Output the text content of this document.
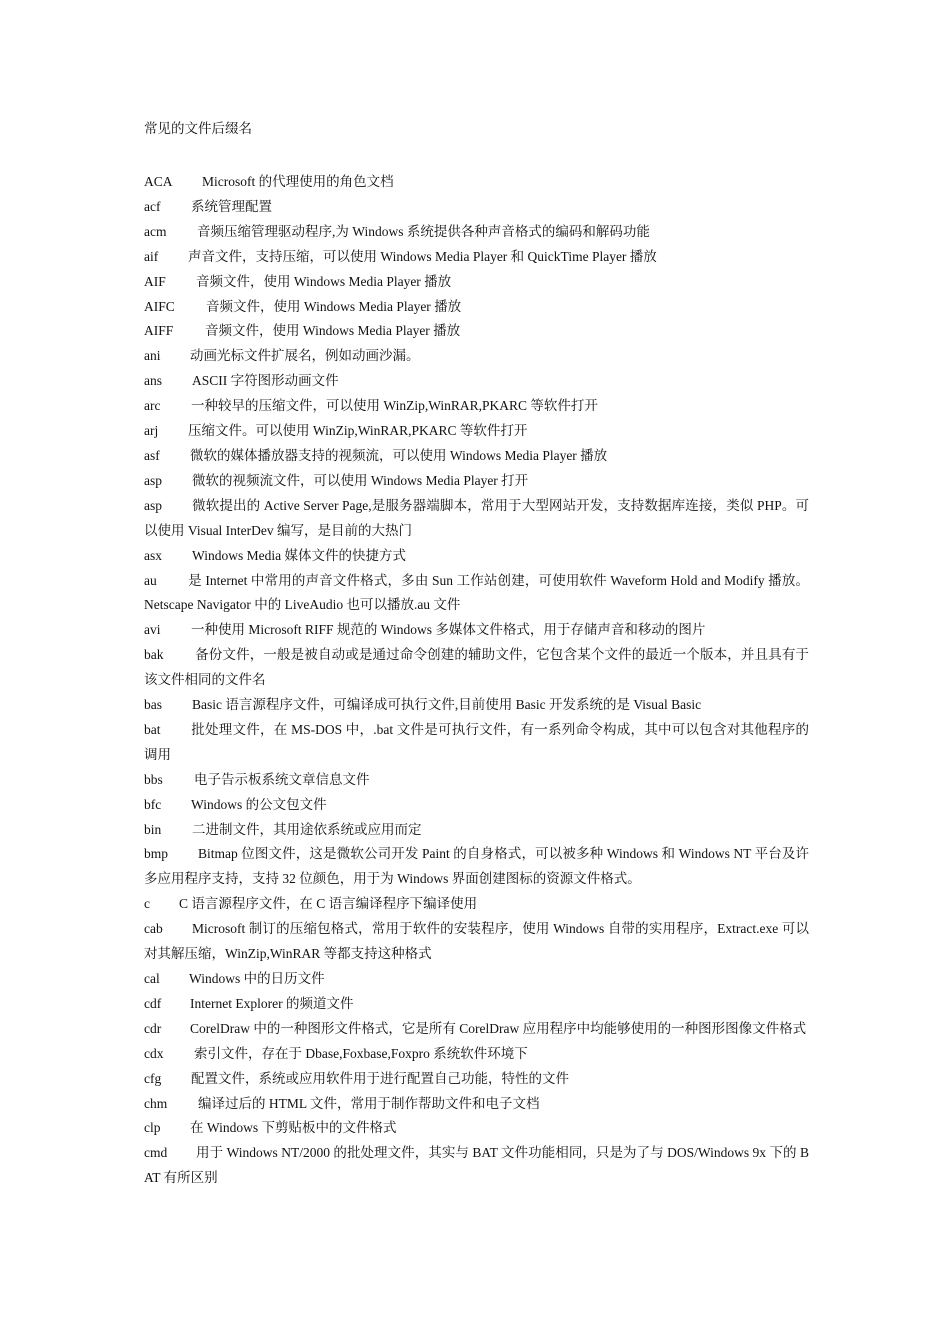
常见的文件后缀名

ACA Microsoft 的代理使用的角色文档

acf 系统管理配置

acm 音频压缩管理驱动程序,为 Windows 系统提供各种声音格式的编码和解码功能

aif 声音文件，支持压缩，可以使用 Windows Media Player 和 QuickTime Player 播放

AIF 音频文件，使用 Windows Media Player 播放

AIFC 音频文件，使用 Windows Media Player 播放

AIFF 音频文件，使用 Windows Media Player 播放

ani 动画光标文件扩展名，例如动画沙漏。

ans ASCII 字符图形动画文件

arc 一种较早的压缩文件，可以使用 WinZip,WinRAR,PKARC 等软件打开

arj 压缩文件。可以使用 WinZip,WinRAR,PKARC 等软件打开

asf 微软的媒体播放器支持的视频流，可以使用 Windows Media Player 播放

asp 微软的视频流文件，可以使用 Windows Media Player 打开

asp 微软提出的 Active Server Page,是服务器端脚本，常用于大型网站开发，支持数据库连接，类似 PHP。可以使用 Visual InterDev 编写，是目前的大热门

asx Windows Media 媒体文件的快捷方式

au 是 Internet 中常用的声音文件格式，多由 Sun 工作站创建，可使用软件 Waveform Hold and Modify 播放。Netscape Navigator 中的 LiveAudio 也可以播放.au 文件

avi 一种使用 Microsoft RIFF 规范的 Windows 多媒体文件格式，用于存储声音和移动的图片

bak 备份文件，一般是被自动或是通过命令创建的辅助文件，它包含某个文件的最近一个版本，并且具有于该文件相同的文件名

bas Basic 语言源程序文件，可编译成可执行文件,目前使用 Basic 开发系统的是 Visual Basic

bat 批处理文件，在 MS-DOS 中，.bat 文件是可执行文件，有一系列命令构成，其中可以包含对其他程序的调用

bbs 电子告示板系统文章信息文件

bfc Windows 的公文包文件

bin 二进制文件，其用途依系统或应用而定

bmp Bitmap 位图文件，这是微软公司开发 Paint 的自身格式，可以被多种 Windows 和 Windows NT 平台及许多应用程序支持，支持 32 位颜色，用于为 Windows 界面创建图标的资源文件格式。

c C 语言源程序文件，在 C 语言编译程序下编译使用

cab Microsoft 制订的压缩包格式，常用于软件的安装程序，使用 Windows 自带的实用程序，Extract.exe 可以对其解压缩，WinZip,WinRAR 等都支持这种格式

cal Windows 中的日历文件

cdf Internet Explorer 的频道文件

cdr CorelDraw 中的一种图形文件格式，它是所有 CorelDraw 应用程序中均能够使用的一种图形图像文件格式

cdx 索引文件，存在于 Dbase,Foxbase,Foxpro 系统软件环境下

cfg 配置文件，系统或应用软件用于进行配置自己功能，特性的文件

chm 编译过后的 HTML 文件，常用于制作帮助文件和电子文档

clp 在 Windows 下剪贴板中的文件格式

cmd 用于 Windows NT/2000 的批处理文件，其实与 BAT 文件功能相同，只是为了与 DOS/Windows 9x 下的 BAT 有所区别
